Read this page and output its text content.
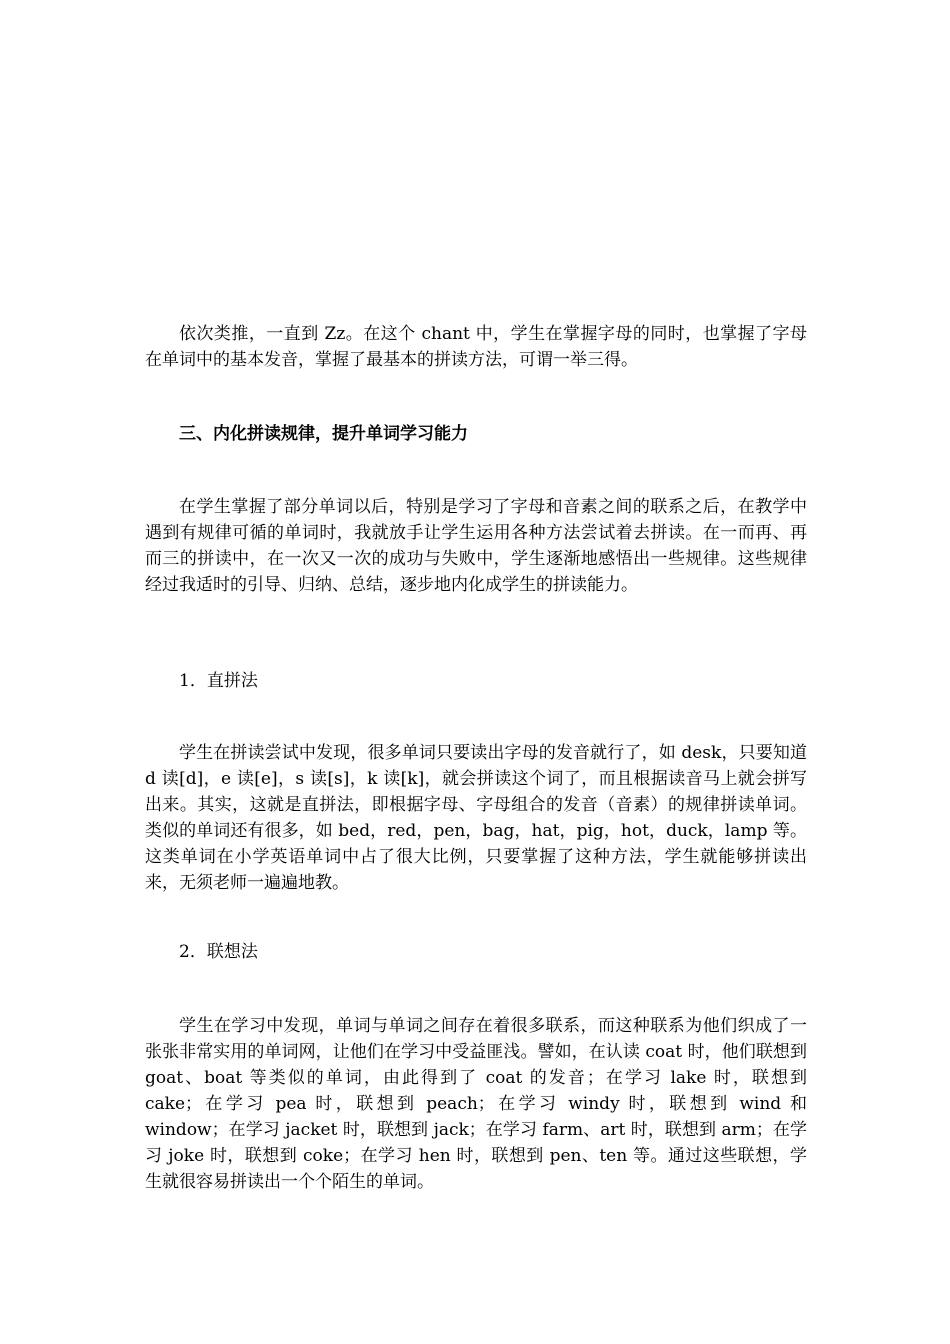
依次类推，一直到 Zz。在这个 chant 中，学生在掌握字母的同时，也掌握了字母在单词中的基本发音，掌握了最基本的拼读方法，可谓一举三得。

三、内化拼读规律，提升单词学习能力

在学生掌握了部分单词以后，特别是学习了字母和音素之间的联系之后，在教学中遇到有规律可循的单词时，我就放手让学生运用各种方法尝试着去拼读。在一而再、再而三的拼读中，在一次又一次的成功与失败中，学生逐渐地感悟出一些规律。这些规律经过我适时的引导、归纳、总结，逐步地内化成学生的拼读能力。

1．直拼法

学生在拼读尝试中发现，很多单词只要读出字母的发音就行了，如 desk，只要知道 d 读[d]，e 读[e]，s 读[s]，k 读[k]，就会拼读这个词了，而且根据读音马上就会拼写出来。其实，这就是直拼法，即根据字母、字母组合的发音（音素）的规律拼读单词。类似的单词还有很多，如 bed，red，pen，bag，hat，pig，hot，duck，lamp 等。这类单词在小学英语单词中占了很大比例，只要掌握了这种方法，学生就能够拼读出来，无须老师一遍遍地教。

2．联想法

学生在学习中发现，单词与单词之间存在着很多联系，而这种联系为他们织成了一张张非常实用的单词网，让他们在学习中受益匪浅。譬如，在认读 coat 时，他们联想到 goat、boat 等类似的单词，由此得到了 coat 的发音；在学习 lake 时，联想到 cake；在学习 pea 时，联想到 peach；在学习 windy 时，联想到 wind 和 window；在学习 jacket 时，联想到 jack；在学习 farm、art 时，联想到 arm；在学习 joke 时，联想到 coke；在学习 hen 时，联想到 pen、ten 等。通过这些联想，学生就很容易拼读出一个个陌生的单词。
